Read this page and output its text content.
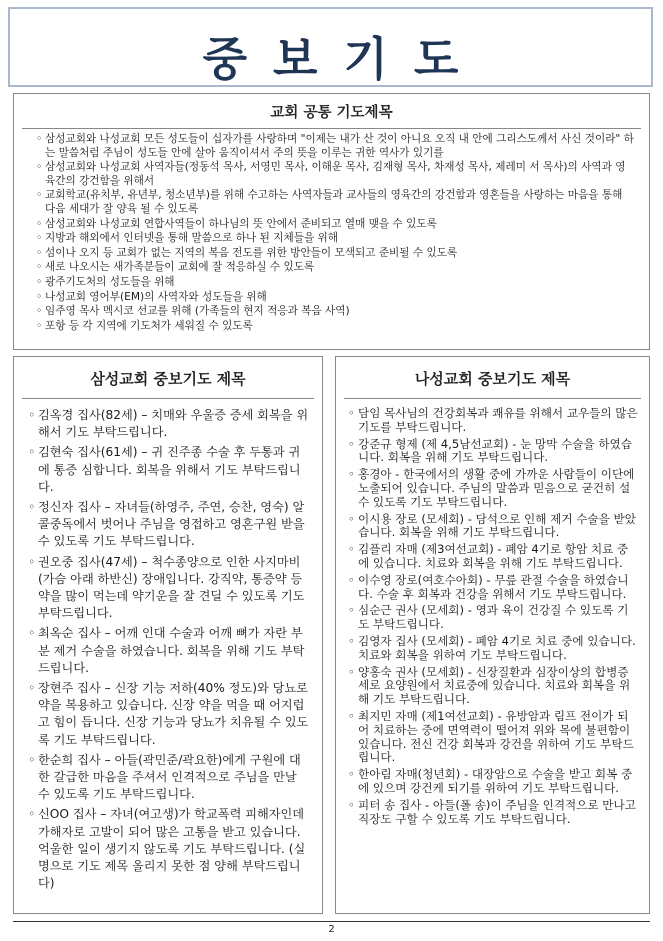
중보기도
교회 공통 기도제목
◦ 삼성교회와 나성교회 모든 성도들이 십자가를 사랑하며 "이제는 내가 산 것이 아니요 오직 내 안에 그리스도께서 사신 것이라" 하는 말씀처럼 주님이 성도들 안에 살아 움직이셔서 주의 뜻을 이루는 귀한 역사가 있기를
◦ 삼성교회와 나성교회 사역자들(정동석 목사, 서영민 목사, 이해운 목사, 김재형 목사, 차재성 목사, 제레미 서 목사)의 사역과 영육간의 강건함을 위해서
◦ 교회학교(유치부, 유년부, 청소년부)를 위해 수고하는 사역자들과 교사들의 영육간의 강건함과 영혼들을 사랑하는 마음을 통해 다음 세대가 잘 양육 될 수 있도록
◦ 삼성교회와 나성교회 연합사역들이 하나님의 뜻 안에서 준비되고 열매 맺을 수 있도록
◦ 지방과 해외에서 인터넷을 통해 말씀으로 하나 된 지체들을 위해
◦ 섬이나 오지 등 교회가 없는 지역의 복음 전도를 위한 방안들이 모색되고 준비될 수 있도록
◦ 새로 나오시는 새가족분들이 교회에 잘 적응하실 수 있도록
◦ 광주기도처의 성도들을 위해
◦ 나성교회 영어부(EM)의 사역자와 성도들을 위해
◦ 임주영 목사 멕시코 선교를 위해 (가족들의 현지 적응과 복음 사역)
◦ 포항 등 각 지역에 기도처가 세워질 수 있도록
삼성교회 중보기도 제목
◦ 김옥경 집사(82세) – 치매와 우울증 증세 회복을 위해서 기도 부탁드립니다.
◦ 김현숙 집사(61세) – 귀 진주종 수술 후 두통과 귀에 통증 심합니다. 회복을 위해서 기도 부탁드립니다.
◦ 정신자 집사 – 자녀들(하영주, 주연, 승찬, 영숙) 알콜중독에서 벗어나 주님을 영접하고 영혼구원 받을 수 있도록 기도 부탁드립니다.
◦ 권오중 집사(47세) – 척수종양으로 인한 사지마비(가슴 아래 하반신) 장애입니다. 강직약, 통증약 등 약을 많이 먹는데 약기운을 잘 견딜 수 있도록 기도 부탁드립니다.
◦ 최옥순 집사 – 어깨 인대 수술과 어깨 뼈가 자란 부분 제거 수술을 하였습니다. 회복을 위해 기도 부탁드립니다.
◦ 장현주 집사 – 신장 기능 저하(40% 정도)와 당뇨로 약을 복용하고 있습니다. 신장 약을 먹을 때 어지럽고 힘이 듭니다. 신장 기능과 당뇨가 치유될 수 있도록 기도 부탁드립니다.
◦ 한순희 집사 – 아들(곽민준/곽요한)에게 구원에 대한 갈급한 마음을 주셔서 인격적으로 주님을 만날 수 있도록 기도 부탁드립니다.
◦ 신OO 집사 – 자녀(여고생)가 학교폭력 피해자인데 가해자로 고발이 되어 많은 고통을 받고 있습니다. 억울한 일이 생기지 않도록 기도 부탁드립니다. (실명으로 기도 제목 올리지 못한 점 양해 부탁드립니다)
나성교회 중보기도 제목
◦ 담임 목사님의 건강회복과 쾌유를 위해서 교우들의 많은 기도를 부탁드립니다.
◦ 강준규 형제 (제 4,5남선교회) - 눈 망막 수술을 하였습니다. 회복을 위해 기도 부탁드립니다.
◦ 홍경아 - 한국에서의 생활 중에 가까운 사람들이 이단에 노출되어 있습니다. 주님의 말씀과 믿음으로 굳건히 설 수 있도록 기도 부탁드립니다.
◦ 이시용 장로 (모세회) - 담석으로 인해 제거 수술을 받았습니다. 회복을 위해 기도 부탁드립니다.
◦ 김플리 자매 (제3여선교회) - 폐암 4기로 항암 치료 중에 있습니다. 치료와 회복을 위해 기도 부탁드립니다.
◦ 이수영 장로(여호수아회) - 무릎 관절 수술을 하였습니다. 수술 후 회복과 건강을 위해서 기도 부탁드립니다.
◦ 심순근 권사 (모세회) - 영과 육이 건강질 수 있도록 기도 부탁드립니다.
◦ 김영자 집사 (모세회) - 폐암 4기로 치료 중에 있습니다. 치료와 회복을 위하여 기도 부탁드립니다.
◦ 양홍숙 권사 (모세회) - 신장질환과 심장이상의 합병증세로 요양원에서 치료중에 있습니다. 치료와 회복을 위해 기도 부탁드립니다.
◦ 최지민 자매 (제1여선교회) - 유방암과 림프 전이가 되어 치료하는 중에 면역력이 떨어져 위와 목에 불편함이 있습니다. 전신 건강 회복과 강건을 위하여 기도 부탁드립니다.
◦ 한아림 자매(청년회) - 대장암으로 수술을 받고 회복 중에 있으며 강건케 되기를 위하여 기도 부탁드립니다.
◦ 피터 송 집사 - 아들(폴 송)이 주님을 인격적으로 만나고 직장도 구할 수 있도록 기도 부탁드립니다.
2
